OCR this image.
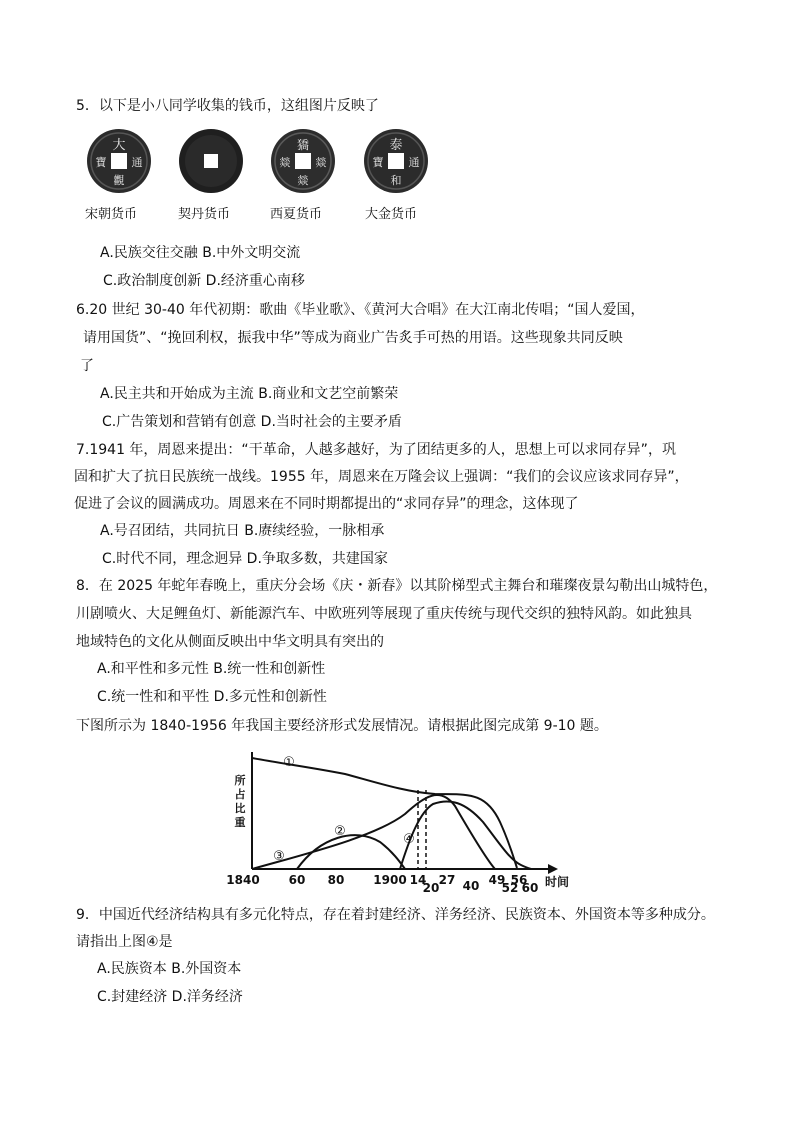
5．以下是小八同学收集的钱币，这组图片反映了
大
通
寶
觀
宋朝货币	契丹货币
獢
燚
燚
燚
西夏货币
泰
通
寶
和
大金货币
A.民族交往交融 B.中外文明交流
C.政治制度创新 D.经济重心南移
6.20 世纪 30-40 年代初期：歌曲《毕业歌》、《黄河大合唱》在大江南北传唱；“国人爱国，
请用国货”、“挽回利权，振我中华”等成为商业广告炙手可热的用语。这些现象共同反映
了
A.民主共和开始成为主流 B.商业和文艺空前繁荣
C.广告策划和营销有创意 D.当时社会的主要矛盾
7.1941 年，周恩来提出：“干革命，人越多越好，为了团结更多的人，思想上可以求同存异”，巩
固和扩大了抗日民族统一战线。1955 年，周恩来在万隆会议上强调：“我们的会议应该求同存异”，
促进了会议的圆满成功。周恩来在不同时期都提出的“求同存异”的理念，这体现了
A.号召团结，共同抗日 B.赓续经验，一脉相承
C.时代不同，理念迥异 D.争取多数，共建国家
8．在 2025 年蛇年春晚上，重庆分会场《庆・新春》以其阶梯型式主舞台和璀璨夜景勾勒出山城特色，
川剧喷火、大足鲤鱼灯、新能源汽车、中欧班列等展现了重庆传统与现代交织的独特风韵。如此独具
地域特色的文化从侧面反映出中华文明具有突出的
A.和平性和多元性 B.统一性和创新性
C.统一性和和平性 D.多元性和创新性
下图所示为 1840-1956 年我国主要经济形式发展情况。请根据此图完成第 9-10 题。
所
占
比
重
①
②
③
④
1840 60 80 1900 14 27 40 49 56 时间
20	52 60
9．中国近代经济结构具有多元化特点，存在着封建经济、洋务经济、民族资本、外国资本等多种成分。
请指出上图④是
A.民族资本 B.外国资本
C.封建经济 D.洋务经济
